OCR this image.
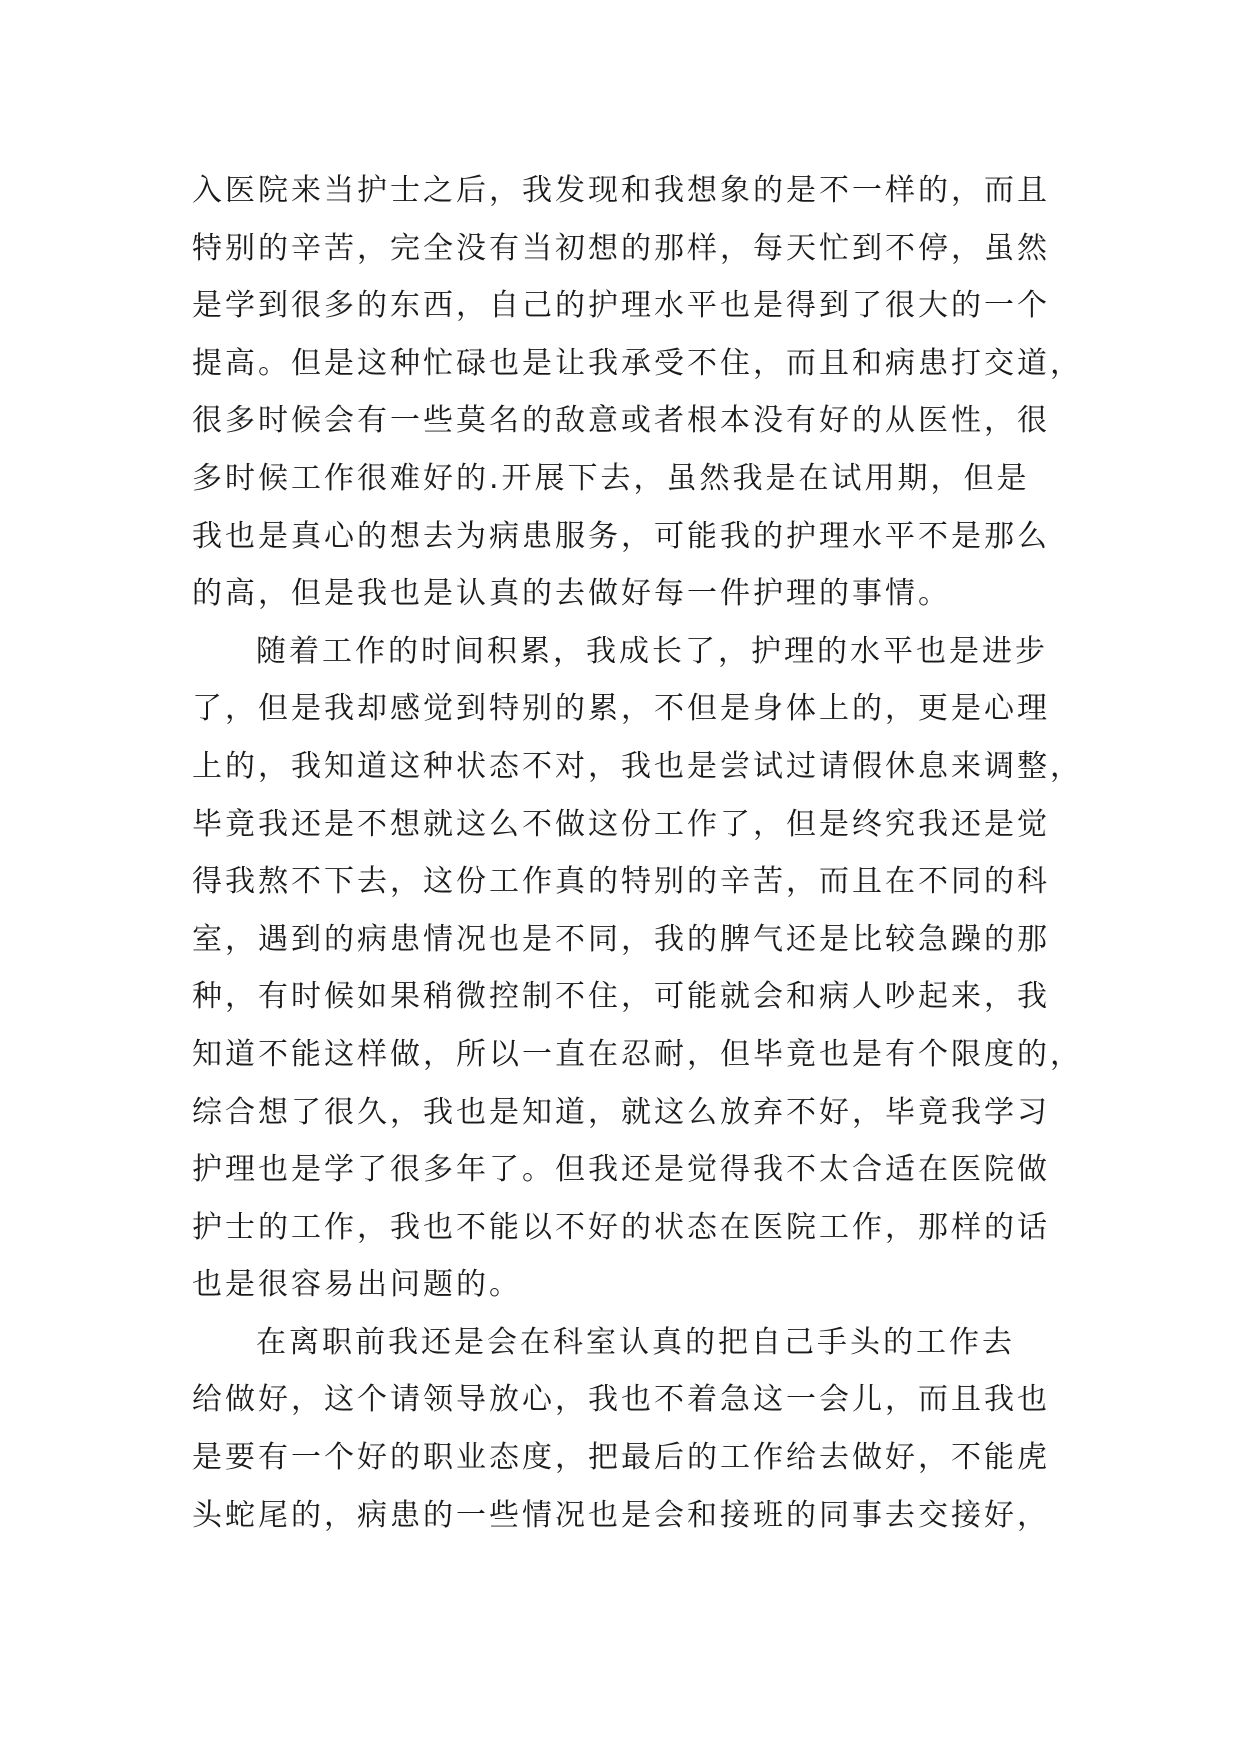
入医院来当护士之后，我发现和我想象的是不一样的，而且
特别的辛苦，完全没有当初想的那样，每天忙到不停，虽然
是学到很多的东西，自己的护理水平也是得到了很大的一个
提高。但是这种忙碌也是让我承受不住，而且和病患打交道，
很多时候会有一些莫名的敌意或者根本没有好的从医性，很
多时候工作很难好的.开展下去，虽然我是在试用期，但是
我也是真心的想去为病患服务，可能我的护理水平不是那么
的高，但是我也是认真的去做好每一件护理的事情。
随着工作的时间积累，我成长了，护理的水平也是进步
了，但是我却感觉到特别的累，不但是身体上的，更是心理
上的，我知道这种状态不对，我也是尝试过请假休息来调整，
毕竟我还是不想就这么不做这份工作了，但是终究我还是觉
得我熬不下去，这份工作真的特别的辛苦，而且在不同的科
室，遇到的病患情况也是不同，我的脾气还是比较急躁的那
种，有时候如果稍微控制不住，可能就会和病人吵起来，我
知道不能这样做，所以一直在忍耐，但毕竟也是有个限度的，
综合想了很久，我也是知道，就这么放弃不好，毕竟我学习
护理也是学了很多年了。但我还是觉得我不太合适在医院做
护士的工作，我也不能以不好的状态在医院工作，那样的话
也是很容易出问题的。
在离职前我还是会在科室认真的把自己手头的工作去
给做好，这个请领导放心，我也不着急这一会儿，而且我也
是要有一个好的职业态度，把最后的工作给去做好，不能虎
头蛇尾的，病患的一些情况也是会和接班的同事去交接好，
